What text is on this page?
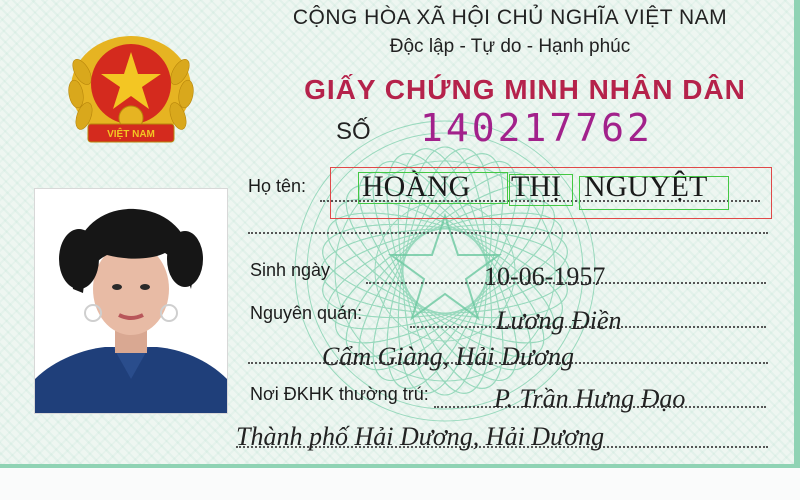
VIỆT NAM
CỘNG HÒA XÃ HỘI CHỦ NGHĨA VIỆT NAM
Độc lập - Tự do - Hạnh phúc
GIẤY CHỨNG MINH NHÂN DÂN
SỐ 140217762
Họ tên: HOÀNG THỊ NGUYỆT
Sinh ngày	10-06-1957
Nguyên quán:	Lương Điền
Cẩm Giàng, Hải Dương
Nơi ĐKHK thường trú:	P. Trần Hưng Đạo
Thành phố Hải Dương, Hải Dương
